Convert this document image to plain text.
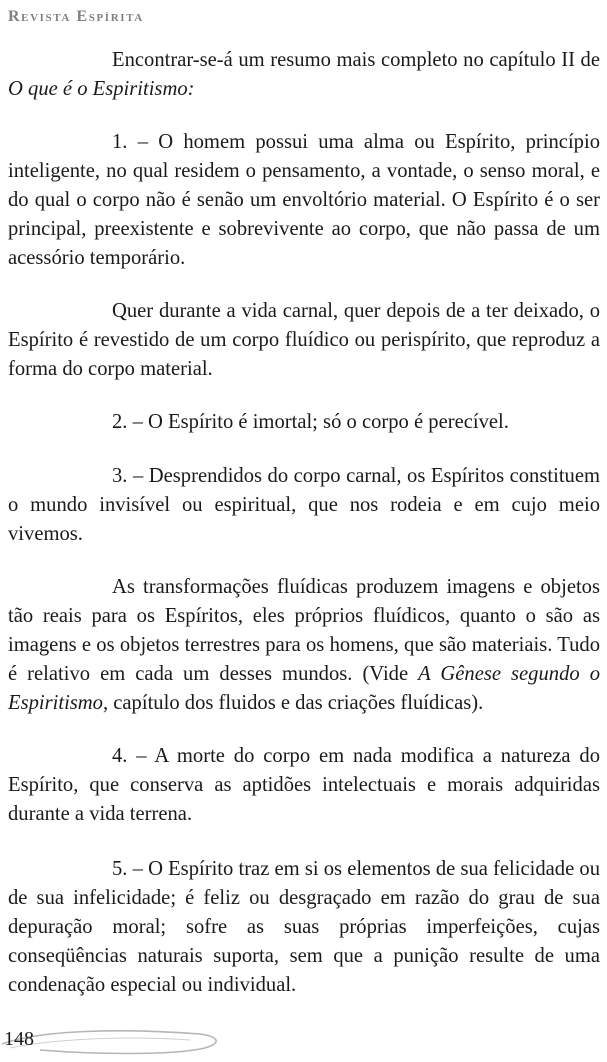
Revista Espírita

Encontrar-se-á um resumo mais completo no capítulo II de O que é o Espiritismo:

1. – O homem possui uma alma ou Espírito, princípio inteligente, no qual residem o pensamento, a vontade, o senso moral, e do qual o corpo não é senão um envoltório material. O Espírito é o ser principal, preexistente e sobrevivente ao corpo, que não passa de um acessório temporário.

Quer durante a vida carnal, quer depois de a ter deixado, o Espírito é revestido de um corpo fluídico ou perispírito, que reproduz a forma do corpo material.

2. – O Espírito é imortal; só o corpo é perecível.

3. – Desprendidos do corpo carnal, os Espíritos constituem o mundo invisível ou espiritual, que nos rodeia e em cujo meio vivemos.

As transformações fluídicas produzem imagens e objetos tão reais para os Espíritos, eles próprios fluídicos, quanto o são as imagens e os objetos terrestres para os homens, que são materiais. Tudo é relativo em cada um desses mundos. (Vide A Gênese segundo o Espiritismo, capítulo dos fluidos e das criações fluídicas).

4. – A morte do corpo em nada modifica a natureza do Espírito, que conserva as aptidões intelectuais e morais adquiridas durante a vida terrena.

5. – O Espírito traz em si os elementos de sua felicidade ou de sua infelicidade; é feliz ou desgraçado em razão do grau de sua depuração moral; sofre as suas próprias imperfeições, cujas conseqüências naturais suporta, sem que a punição resulte de uma condenação especial ou individual.

148
